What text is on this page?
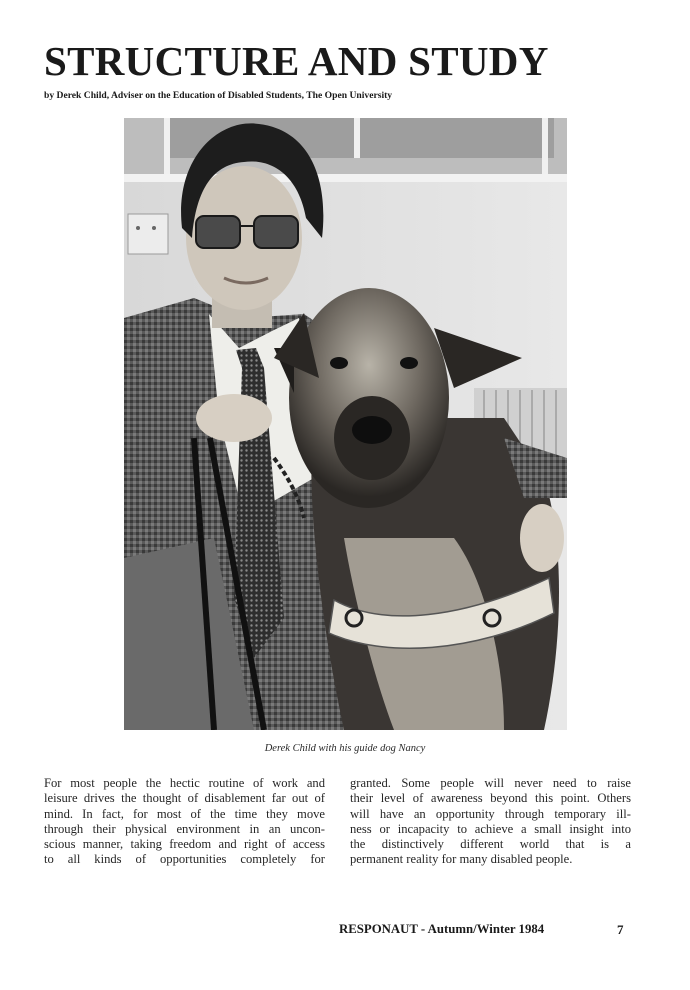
STRUCTURE AND STUDY
by Derek Child, Adviser on the Education of Disabled Students, The Open University
Derek Child with his guide dog Nancy
For most people the hectic routine of work and
leisure drives the thought of disablement far out of
mind. In fact, for most of the time they move
through their physical environment in an uncon-
scious manner, taking freedom and right of access
to all kinds of opportunities completely for
granted. Some people will never need to raise
their level of awareness beyond this point. Others
will have an opportunity through temporary ill-
ness or incapacity to achieve a small insight into
the distinctively different world that is a
permanent reality for many disabled people.
RESPONAUT - Autumn/Winter 1984	7
